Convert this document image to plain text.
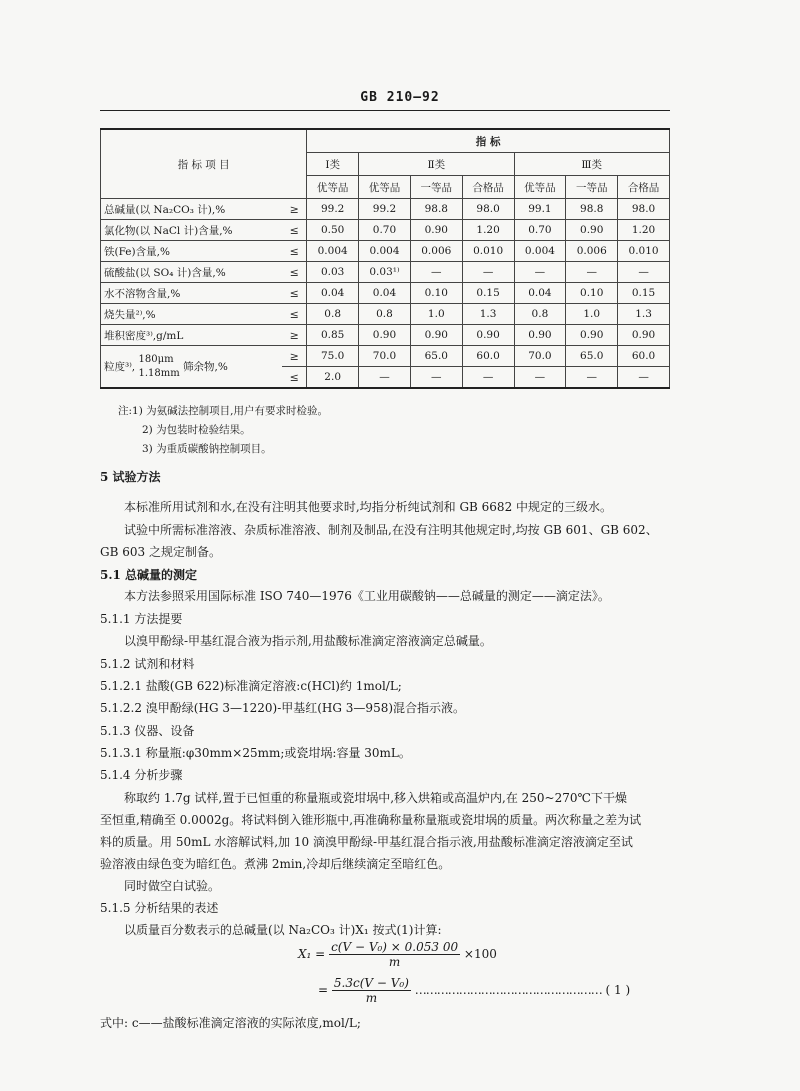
GB 210—92
指 标 项 目		指 标						
		Ⅰ类	Ⅱ类			Ⅲ类		
		优等品	优等品	一等品	合格品	优等品	一等品	合格品
总碱量(以 Na₂CO₃ 计),%	≥	99.2	99.2	98.8	98.0	99.1	98.8	98.0
氯化物(以 NaCl 计)含量,%	≤	0.50	0.70	0.90	1.20	0.70	0.90	1.20
铁(Fe)含量,%	≤	0.004	0.004	0.006	0.010	0.004	0.006	0.010
硫酸盐(以 SO₄ 计)含量,%	≤	0.03	0.03¹⁾	—	—	—	—	—
水不溶物含量,%	≤	0.04	0.04	0.10	0.15	0.04	0.10	0.15
烧失量²⁾,%	≤	0.8	0.8	1.0	1.3	0.8	1.0	1.3
堆积密度³⁾,g/mL	≥	0.85	0.90	0.90	0.90	0.90	0.90	0.90
粒度³⁾, 180μm
1.18mm 筛余物,%	≥	75.0	70.0	65.0	60.0	70.0	65.0	60.0
	≤	2.0	—	—	—	—	—	—
注:1) 为氨碱法控制项目,用户有要求时检验。
2) 为包装时检验结果。
3) 为重质碳酸钠控制项目。
5 试验方法
本标准所用试剂和水,在没有注明其他要求时,均指分析纯试剂和 GB 6682 中规定的三级水。
试验中所需标准溶液、杂质标准溶液、制剂及制品,在没有注明其他规定时,均按 GB 601、GB 602、
GB 603 之规定制备。
5.1 总碱量的测定
本方法参照采用国际标准 ISO 740—1976《工业用碳酸钠——总碱量的测定——滴定法》。
5.1.1 方法提要
以溴甲酚绿-甲基红混合液为指示剂,用盐酸标准滴定溶液滴定总碱量。
5.1.2 试剂和材料
5.1.2.1 盐酸(GB 622)标准滴定溶液:c(HCl)约 1mol/L;
5.1.2.2 溴甲酚绿(HG 3—1220)-甲基红(HG 3—958)混合指示液。
5.1.3 仪器、设备
5.1.3.1 称量瓶:φ30mm×25mm;或瓷坩埚:容量 30mL。
5.1.4 分析步骤
称取约 1.7g 试样,置于已恒重的称量瓶或瓷坩埚中,移入烘箱或高温炉内,在 250~270℃下干燥
至恒重,精确至 0.0002g。将试料倒入锥形瓶中,再准确称量称量瓶或瓷坩埚的质量。两次称量之差为试
料的质量。用 50mL 水溶解试料,加 10 滴溴甲酚绿-甲基红混合指示液,用盐酸标准滴定溶液滴定至试
验溶液由绿色变为暗红色。煮沸 2min,冷却后继续滴定至暗红色。
同时做空白试验。
5.1.5 分析结果的表述
以质量百分数表示的总碱量(以 Na₂CO₃ 计)X₁ 按式(1)计算:
$X_1 = \frac{\text{c(V − V₀) × 0.053 00}}{m} \times 100$
= $\frac{\text{5.3c(V − V₀)}}{m}$ …………………………………………… ( 1 )
式中: c——盐酸标准滴定溶液的实际浓度,mol/L;
